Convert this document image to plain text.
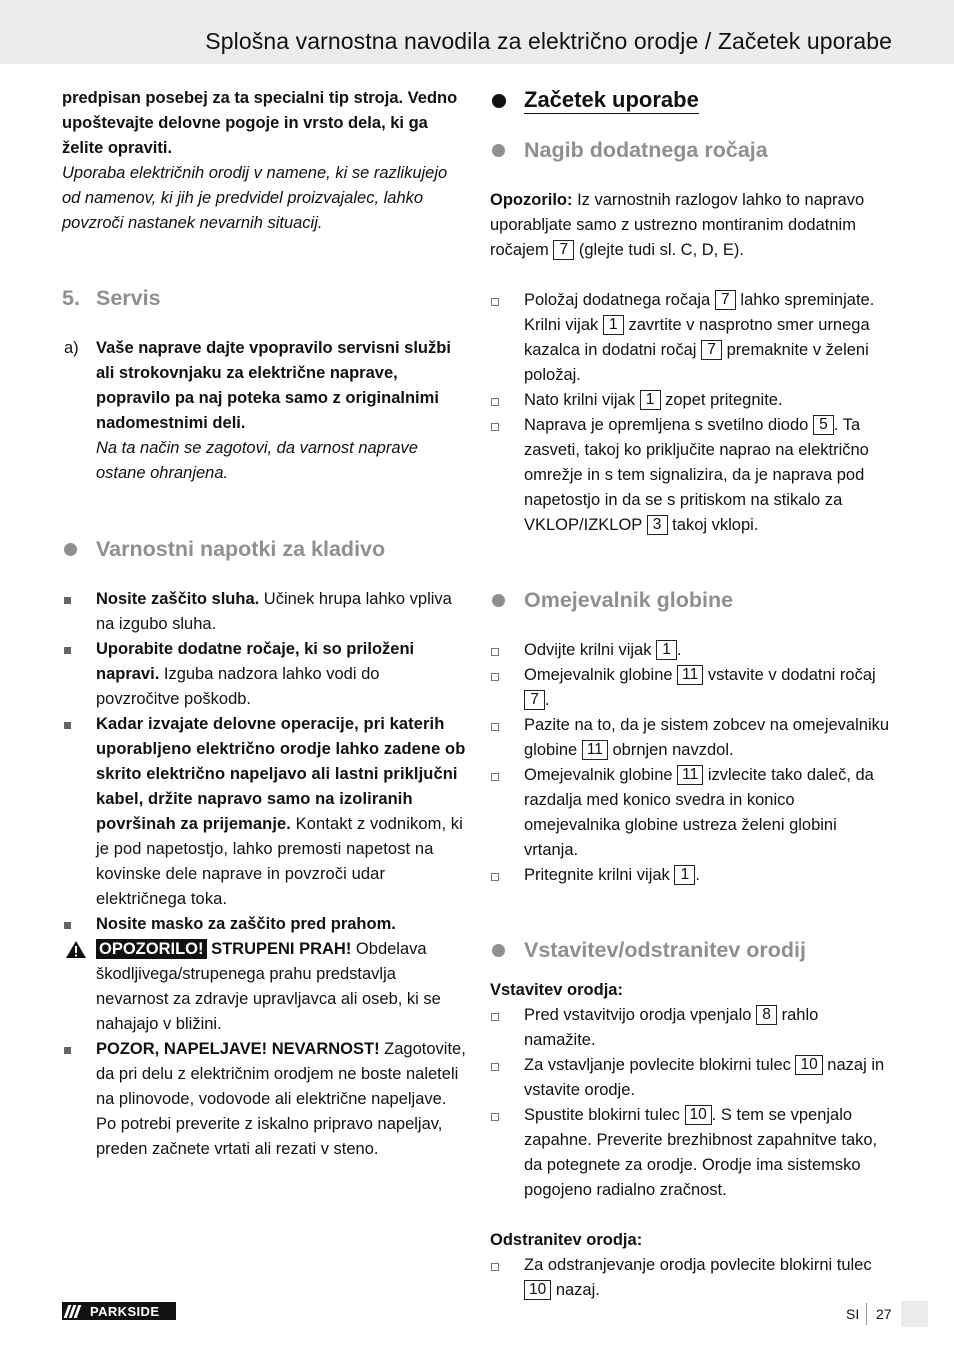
Splošna varnostna navodila za električno orodje / Začetek uporabe

predpisan posebej za ta specialni tip stroja. Vedno upoštevajte delovne pogoje in vrsto dela, ki ga želite opraviti.

Uporaba električnih orodij v namene, ki se razlikujejo od namenov, ki jih je predvidel proizvajalec, lahko povzroči nastanek nevarnih situacij.

5. Servis
a) Vaše naprave dajte vpopravilo servisni službi ali strokovnjaku za električne naprave, popravilo pa naj poteka samo z originalnimi nadomestnimi deli.

Na ta način se zagotovi, da varnost naprave ostane ohranjena.

Varnostni napotki za kladivo

Nosite zaščito sluha. Učinek hrupa lahko vpliva na izgubo sluha.

Uporabite dodatne ročaje, ki so priloženi napravi. Izguba nadzora lahko vodi do povzročitve poškodb.

Kadar izvajate delovne operacije, pri katerih uporabljeno električno orodje lahko zadene ob skrito električno napeljavo ali lastni priključni kabel, držite napravo samo na izoliranih površinah za prijemanje. Kontakt z vodnikom, ki je pod napetostjo, lahko premosti napetost na kovinske dele naprave in povzroči udar električnega toka.

Nosite masko za zaščito pred prahom.

OPOZORILO! STRUPENI PRAH! Obdelava škodljivega/strupenega prahu predstavlja nevarnost za zdravje upravljavca ali oseb, ki se nahajajo v bližini.

POZOR, NAPELJAVE! NEVARNOST! Zagotovite, da pri delu z električnim orodjem ne boste naleteli na plinovode, vodovode ali električne napeljave. Po potrebi preverite z iskalno pripravo napeljav, preden začnete vrtati ali rezati v steno.

Začetek uporabe
Nagib dodatnega ročaja

Opozorilo: Iz varnostnih razlogov lahko to napravo uporabljate samo z ustrezno montiranim dodatnim ročajem 7 (glejte tudi sl. C, D, E).

Položaj dodatnega ročaja 7 lahko spreminjate. Krilni vijak 1 zavrtite v nasprotno smer urnega kazalca in dodatni ročaj 7 premaknite v želeni položaj.

Nato krilni vijak 1 zopet pritegnite.

Naprava je opremljena s svetilno diodo 5 . Ta zasveti, takoj ko priključite naprao na električno omrežje in s tem signalizira, da je naprava pod napetostjo in da se s pritiskom na stikalo za VKLOP/IZKLOP 3 takoj vklopi.

Omejevalnik globine

Odvijte krilni vijak 1 .

Omejevalnik globine 11 vstavite v dodatni ročaj 7 .

Pazite na to, da je sistem zobcev na omejevalniku globine 11 obrnjen navzdol.

Omejevalnik globine 11 izvlecite tako daleč, da razdalja med konico svedra in konico omejevalnika globine ustreza želeni globini vrtanja.

Pritegnite krilni vijak 1 .

Vstavitev/odstranitev orodij

Vstavitev orodja:

Pred vstavitvijo orodja vpenjalo 8 rahlo namažite.

Za vstavljanje povlecite blokirni tulec 10 nazaj in vstavite orodje.

Spustite blokirni tulec 10 . S tem se vpenjalo zapahne. Preverite brezhibnost zapahnitve tako, da potegnete za orodje. Orodje ima sistemsko pogojeno radialno zračnost.

Odstranitev orodja:

Za odstranjevanje orodja povlecite blokirni tulec 10 nazaj.

PARKSIDE	SI 27
